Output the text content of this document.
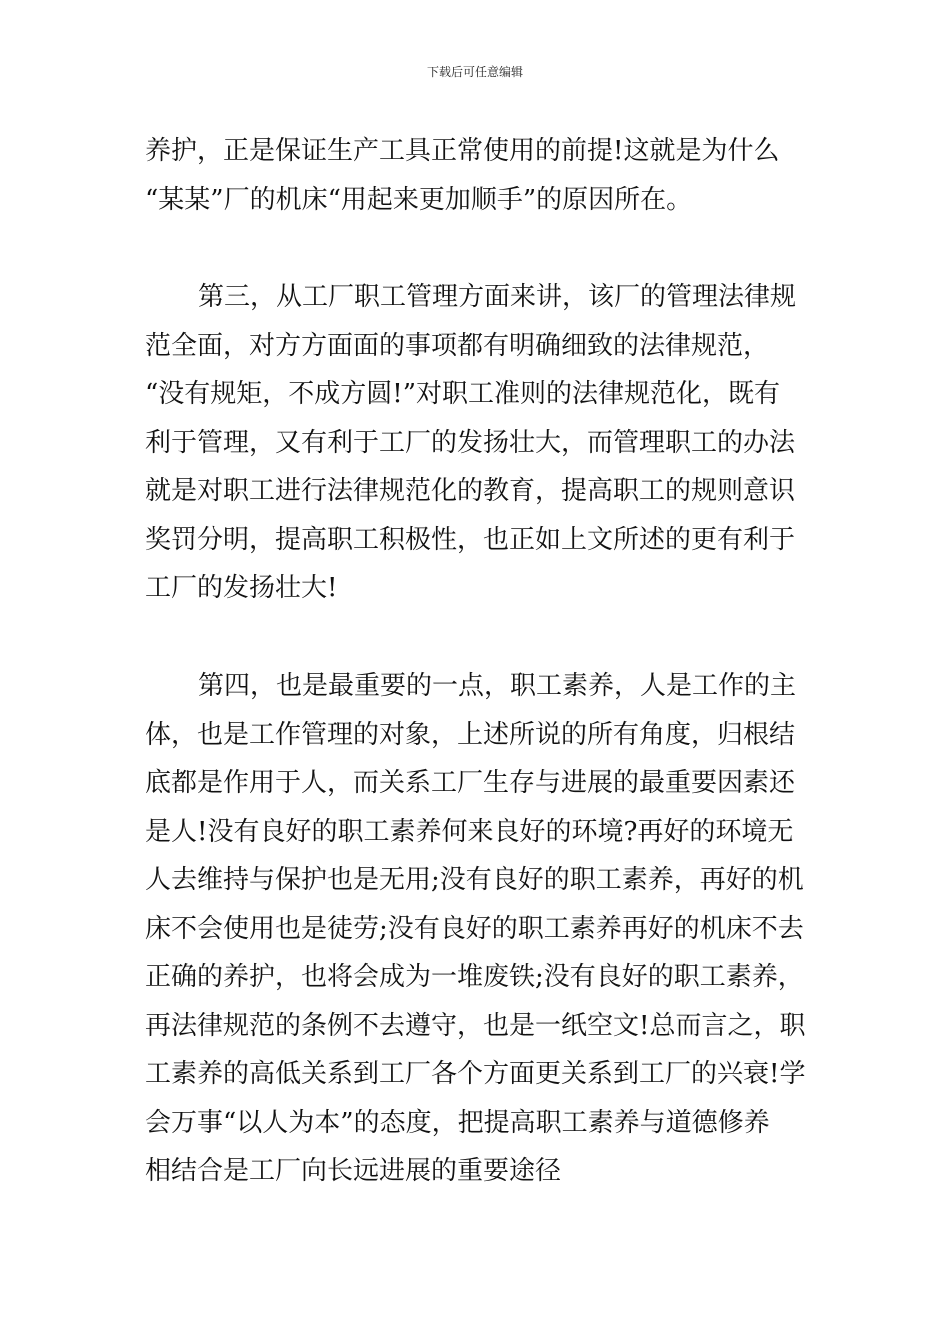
下载后可任意编辑
养护，正是保证生产工具正常使用的前提!这就是为什么
“某某”厂的机床“用起来更加顺手”的原因所在。
第三，从工厂职工管理方面来讲，该厂的管理法律规
范全面，对方方面面的事项都有明确细致的法律规范，
“没有规矩，不成方圆!”对职工准则的法律规范化，既有
利于管理，又有利于工厂的发扬壮大，而管理职工的办法
就是对职工进行法律规范化的教育，提高职工的规则意识
奖罚分明，提高职工积极性，也正如上文所述的更有利于
工厂的发扬壮大!
第四，也是最重要的一点，职工素养，人是工作的主
体，也是工作管理的对象，上述所说的所有角度，归根结
底都是作用于人，而关系工厂生存与进展的最重要因素还
是人!没有良好的职工素养何来良好的环境?再好的环境无
人去维持与保护也是无用;没有良好的职工素养，再好的机
床不会使用也是徒劳;没有良好的职工素养再好的机床不去
正确的养护，也将会成为一堆废铁;没有良好的职工素养，
再法律规范的条例不去遵守，也是一纸空文!总而言之，职
工素养的高低关系到工厂各个方面更关系到工厂的兴衰!学
会万事“以人为本”的态度，把提高职工素养与道德修养
相结合是工厂向长远进展的重要途径
